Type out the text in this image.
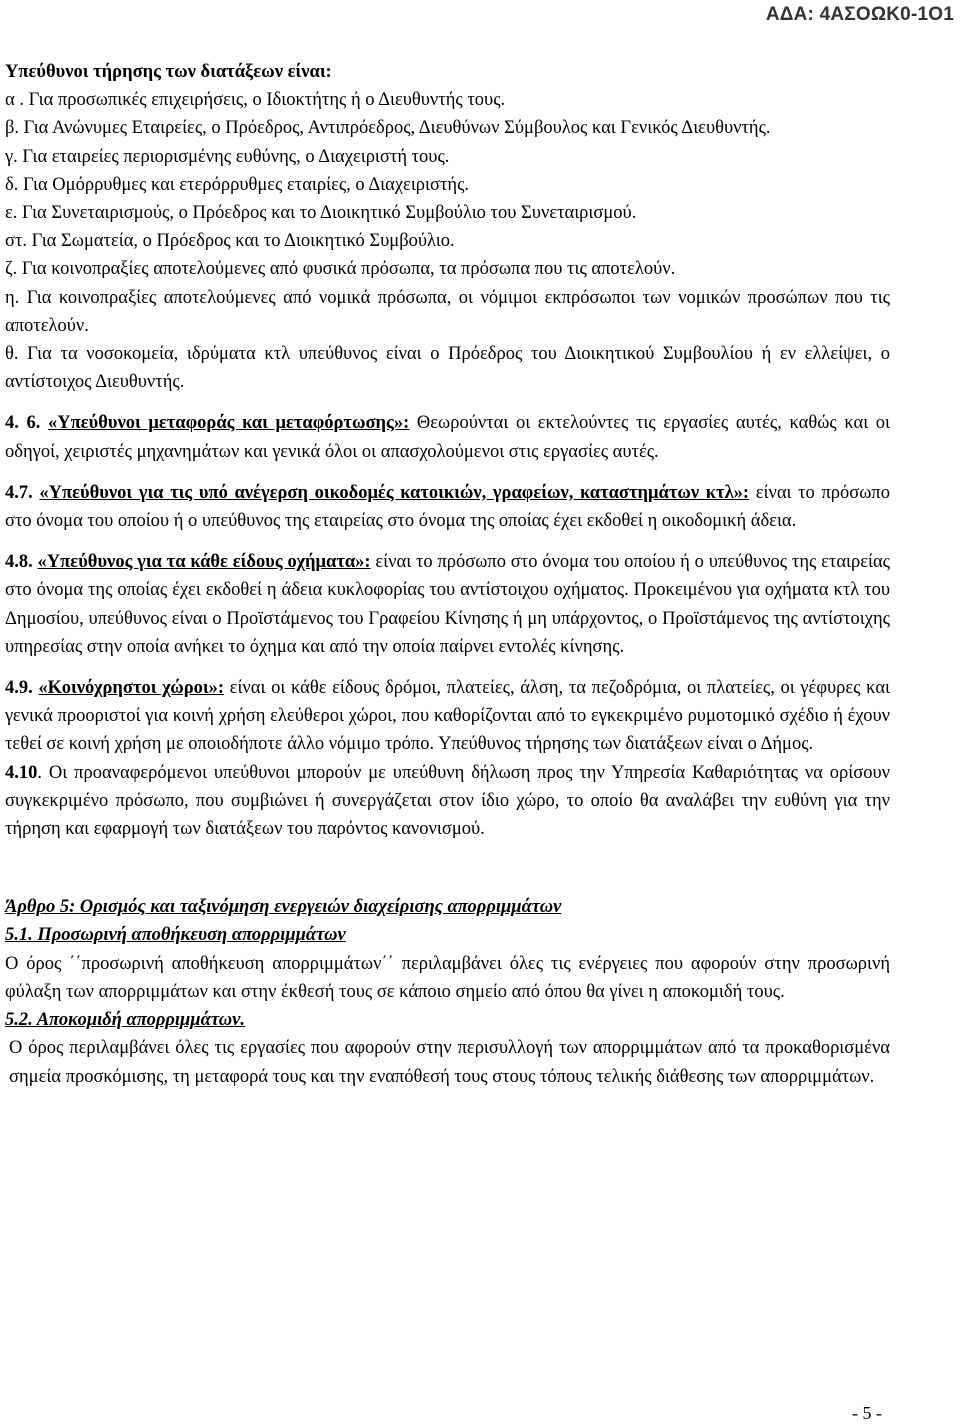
ΑΔΑ: 4ΑΣΟΩΚ0-1Ο1

Υπεύθυνοι τήρησης των διατάξεων είναι:

α . Για προσωπικές επιχειρήσεις, ο Ιδιοκτήτης ή ο Διευθυντής τους.

β. Για Ανώνυμες Εταιρείες, ο Πρόεδρος, Αντιπρόεδρος, Διευθύνων Σύμβουλος και Γενικός Διευθυντής.

γ. Για εταιρείες περιορισμένης ευθύνης, ο Διαχειριστή τους.

δ. Για Ομόρρυθμες και ετερόρρυθμες εταιρίες, ο Διαχειριστής.

ε. Για Συνεταιρισμούς, ο Πρόεδρος και το Διοικητικό Συμβούλιο του Συνεταιρισμού.

στ. Για Σωματεία, ο Πρόεδρος και το Διοικητικό Συμβούλιο.

ζ. Για κοινοπραξίες αποτελούμενες από φυσικά πρόσωπα, τα πρόσωπα που τις αποτελούν.

η. Για κοινοπραξίες αποτελούμενες από νομικά πρόσωπα, οι νόμιμοι εκπρόσωποι των νομικών προσώπων που τις αποτελούν.

θ. Για τα νοσοκομεία, ιδρύματα κτλ υπεύθυνος είναι ο Πρόεδρος του Διοικητικού Συμβουλίου ή εν ελλείψει, ο αντίστοιχος Διευθυντής.

4. 6. «Υπεύθυνοι μεταφοράς και μεταφόρτωσης»: Θεωρούνται οι εκτελούντες τις εργασίες αυτές, καθώς και οι οδηγοί, χειριστές μηχανημάτων και γενικά όλοι οι απασχολούμενοι στις εργασίες αυτές.

4.7. «Υπεύθυνοι για τις υπό ανέγερση οικοδομές κατοικιών, γραφείων, καταστημάτων κτλ»: είναι το πρόσωπο στο όνομα του οποίου ή ο υπεύθυνος της εταιρείας στο όνομα της οποίας έχει εκδοθεί η οικοδομική άδεια.

4.8. «Υπεύθυνος για τα κάθε είδους οχήματα»: είναι το πρόσωπο στο όνομα του οποίου ή ο υπεύθυνος της εταιρείας στο όνομα της οποίας έχει εκδοθεί η άδεια κυκλοφορίας του αντίστοιχου οχήματος. Προκειμένου για οχήματα κτλ του Δημοσίου, υπεύθυνος είναι ο Προϊστάμενος του Γραφείου Κίνησης ή μη υπάρχοντος, ο Προϊστάμενος της αντίστοιχης υπηρεσίας στην οποία ανήκει το όχημα και από την οποία παίρνει εντολές κίνησης.

4.9. «Κοινόχρηστοι χώροι»: είναι οι κάθε είδους δρόμοι, πλατείες, άλση, τα πεζοδρόμια, οι πλατείες, οι γέφυρες και γενικά προοριστοί για κοινή χρήση ελεύθεροι χώροι, που καθορίζονται από το εγκεκριμένο ρυμοτομικό σχέδιο ή έχουν τεθεί σε κοινή χρήση με οποιοδήποτε άλλο νόμιμο τρόπο. Υπεύθυνος τήρησης των διατάξεων είναι ο Δήμος.

4.10. Οι προαναφερόμενοι υπεύθυνοι μπορούν με υπεύθυνη δήλωση προς την Υπηρεσία Καθαριότητας να ορίσουν συγκεκριμένο πρόσωπο, που συμβιώνει ή συνεργάζεται στον ίδιο χώρο, το οποίο θα αναλάβει την ευθύνη για την τήρηση και εφαρμογή των διατάξεων του παρόντος κανονισμού.

Άρθρο 5: Ορισμός και ταξινόμηση ενεργειών διαχείρισης απορριμμάτων

5.1. Προσωρινή αποθήκευση απορριμμάτων

Ο όρος ΄΄προσωρινή αποθήκευση απορριμμάτων΄΄ περιλαμβάνει όλες τις ενέργειες που αφορούν στην προσωρινή φύλαξη των απορριμμάτων και στην έκθεσή τους σε κάποιο σημείο από όπου θα γίνει η αποκομιδή τους.

5.2. Αποκομιδή απορριμμάτων.

Ο όρος περιλαμβάνει όλες τις εργασίες που αφορούν στην περισυλλογή των απορριμμάτων από τα προκαθορισμένα σημεία προσκόμισης, τη μεταφορά τους και την εναπόθεσή τους στους τόπους τελικής διάθεσης των απορριμμάτων.

- 5 -
